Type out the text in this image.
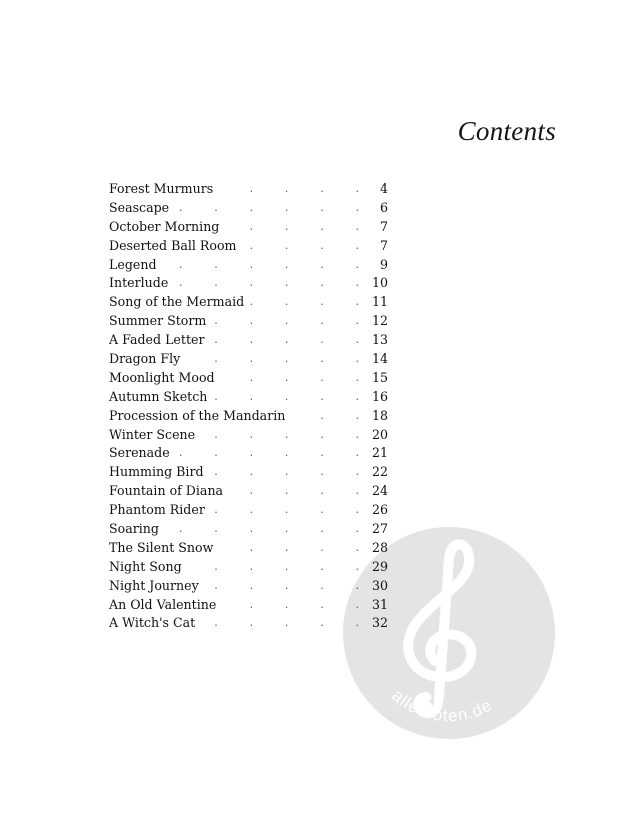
alle-noten.de
Contents
.	.	.	.
Forest Murmurs	4
.	.	.	.	.	.
Seascape	6
.	.	.	.
October Morning	7
.	.	.	.
Deserted Ball Room	7
.	.	.	.	.	.
Legend	9
.	.	.	.	.	.
Interlude	10
.	.	.	.
Song of the Mermaid	11
.	.	.	.	.
Summer Storm	12
.	.	.	.	.
A Faded Letter	13
.	.	.	.	.
Dragon Fly	14
.	.	.	.
Moonlight Mood	15
.	.	.	.	.
Autumn Sketch	16
.	.
Procession of the Mandarin	18
.	.	.	.	.
Winter Scene	20
.	.	.	.	.	.
Serenade	21
.	.	.	.	.
Humming Bird	22
.	.	.	.
Fountain of Diana	24
.	.	.	.	.
Phantom Rider	26
.	.	.	.	.	.
Soaring	27
.	.	.	.
The Silent Snow	28
.	.	.	.	.
Night Song	29
.	.	.	.	.
Night Journey	30
.	.	.	.
An Old Valentine	31
.	.	.	.	.
A Witch's Cat	32
